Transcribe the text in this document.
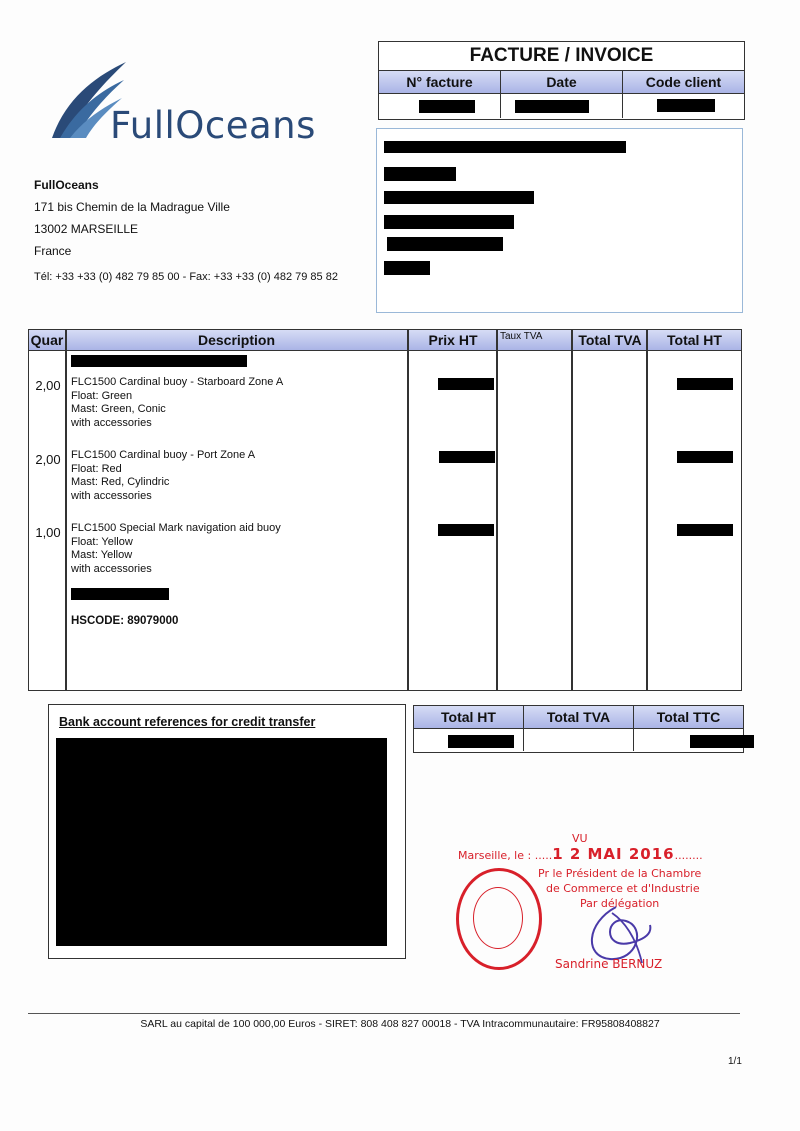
FullOceans
FullOceans
171 bis Chemin de la Madrague Ville
13002 MARSEILLE
France
Tél: +33 +33 (0) 482 79 85 00 - Fax: +33 +33 (0) 482 79 85 82
FACTURE / INVOICE
N° facture	Date	Code client
Quar	Description	Prix HT	Taux TVA	Total TVA	Total HT
2,00 FLC1500 Cardinal buoy - Starboard Zone A
Float: Green
Mast: Green, Conic
with accessories
2,00 FLC1500 Cardinal buoy - Port Zone A
Float: Red
Mast: Red, Cylindric
with accessories
1,00 FLC1500 Special Mark navigation aid buoy
Float: Yellow
Mast: Yellow
with accessories
HSCODE: 89079000
Bank account references for credit transfer	Total HT	Total TVA	Total TTC
VU
Marseille, le : .....1 2 MAI 2016........
Pr le Président de la Chambre
de Commerce et d'Industrie
Par délégation
Sandrine BERNUZ
SARL au capital de 100 000,00 Euros - SIRET: 808 408 827 00018 - TVA Intracommunautaire: FR95808408827
1/1
